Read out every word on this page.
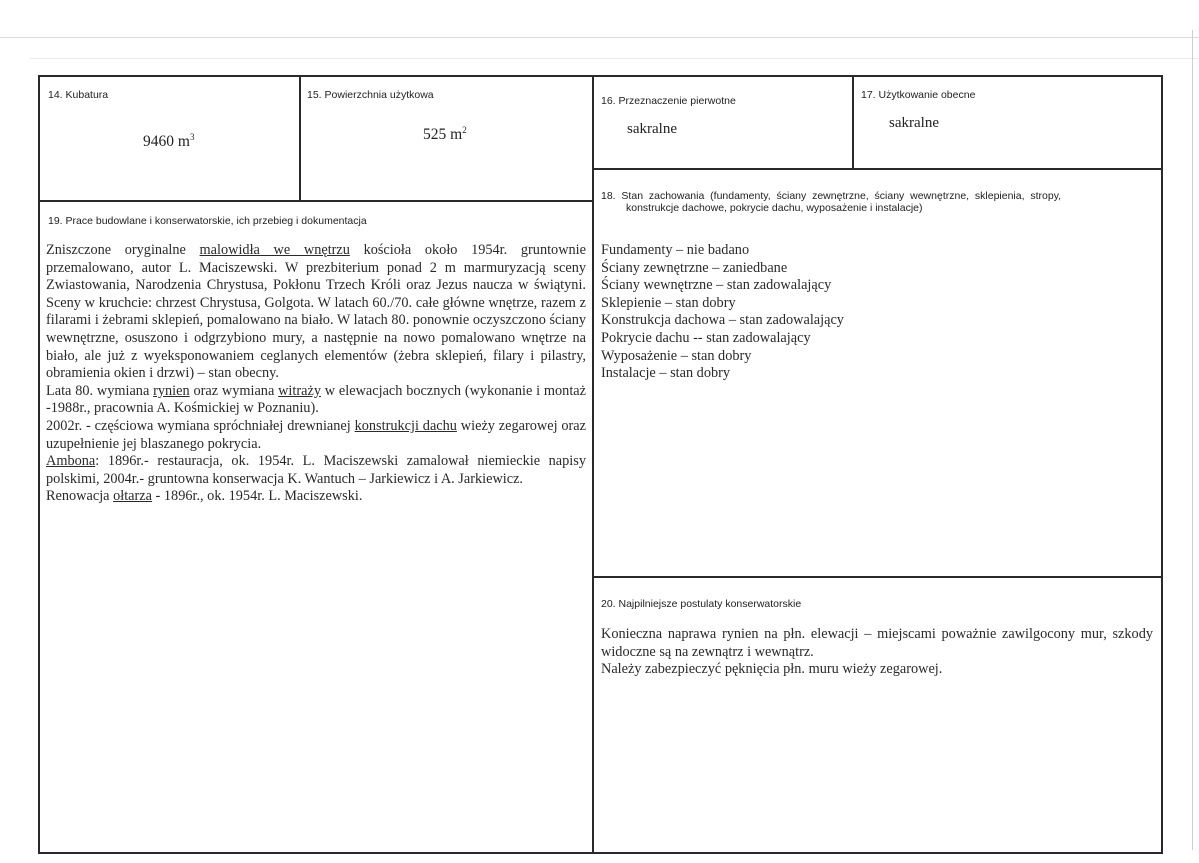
14. Kubatura
9460 $m^3$
15. Powierzchnia użytkowa
525 $m^2$
16. Przeznaczenie pierwotne
sakralne
17. Użytkowanie obecne
sakralne
18.  Stan  zachowania  (fundamenty,  ściany  zewnętrzne,  ściany  wewnętrzne,  sklepienia,  stropy,
konstrukcje dachowe, pokrycie dachu, wyposażenie i instalacje)

Fundamenty – nie badano

Ściany zewnętrzne – zaniedbane

Ściany wewnętrzne – stan zadowalający

Sklepienie – stan dobry

Konstrukcja dachowa – stan zadowalający

Pokrycie dachu -- stan zadowalający

Wyposażenie – stan dobry

Instalacje – stan dobry

19. Prace budowlane i konserwatorskie, ich przebieg i dokumentacja

Zniszczone oryginalne malowidła we wnętrzu kościoła około 1954r. gruntownie przemalowano, autor L. Maciszewski. W prezbiterium ponad 2 m marmuryzacją sceny Zwiastowania, Narodzenia Chrystusa, Pokłonu Trzech Króli oraz Jezus naucza w świątyni. Sceny w kruchcie: chrzest Chrystusa, Golgota. W latach 60./70. całe główne wnętrze, razem z filarami i żebrami sklepień, pomalowano na biało. W latach 80. ponownie oczyszczono ściany wewnętrzne, osuszono i odgrzybiono mury, a następnie na nowo pomalowano wnętrze na biało, ale już z wyeksponowaniem ceglanych elementów (żebra sklepień, filary i pilastry, obramienia okien i drzwi) – stan obecny.

Lata 80. wymiana rynien oraz wymiana witraży w elewacjach bocznych (wykonanie i montaż -1988r., pracownia A. Kośmickiej w Poznaniu).

2002r. - częściowa wymiana spróchniałej drewnianej konstrukcji dachu wieży zegarowej oraz uzupełnienie jej blaszanego pokrycia.

Ambona: 1896r.- restauracja, ok. 1954r. L. Maciszewski zamalował niemieckie napisy polskimi, 2004r.- gruntowna konserwacja K. Wantuch – Jarkiewicz i A. Jarkiewicz.

Renowacja ołtarza - 1896r., ok. 1954r. L. Maciszewski.

20. Najpilniejsze postulaty konserwatorskie

Konieczna naprawa rynien na płn. elewacji – miejscami poważnie zawilgocony mur, szkody widoczne są na zewnątrz i wewnątrz.

Należy zabezpieczyć pęknięcia płn. muru wieży zegarowej.
